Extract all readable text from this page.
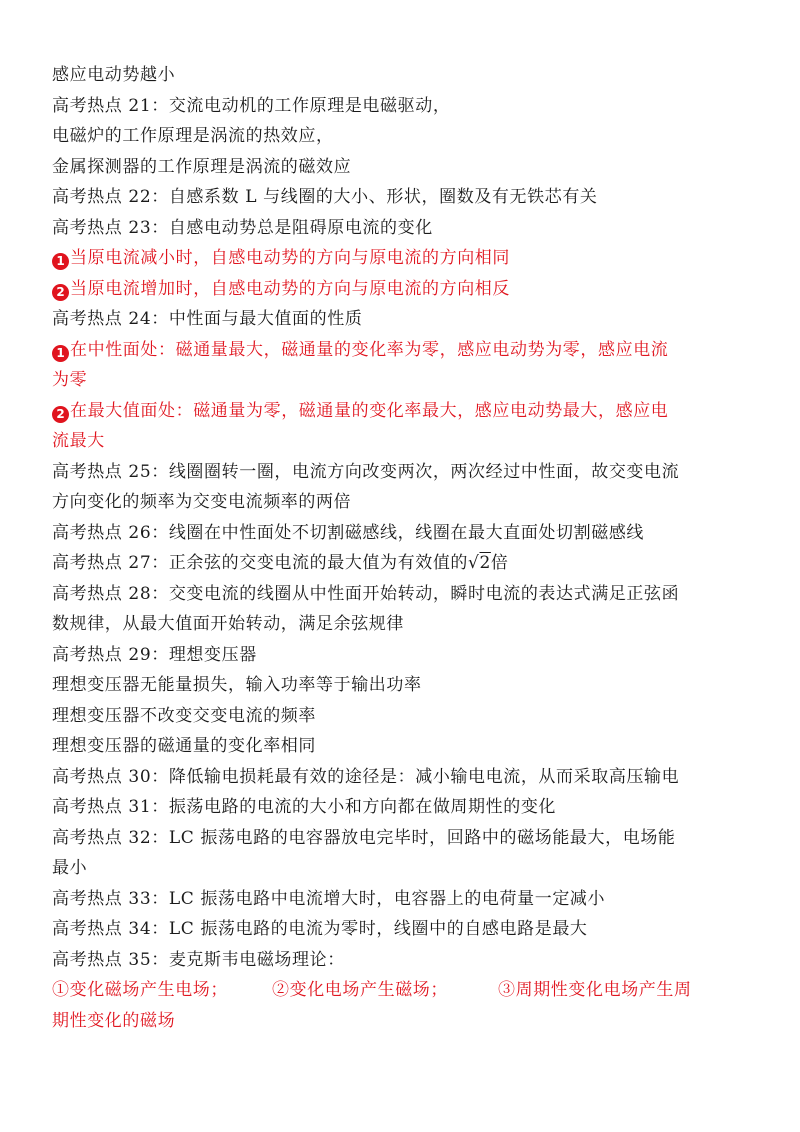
感应电动势越小
高考热点 21：交流电动机的工作原理是电磁驱动，
电磁炉的工作原理是涡流的热效应，
金属探测器的工作原理是涡流的磁效应
高考热点 22：自感系数 L 与线圈的大小、形状，圈数及有无铁芯有关
高考热点 23：自感电动势总是阻碍原电流的变化
1 当原电流减小时，自感电动势的方向与原电流的方向相同
2 当原电流增加时，自感电动势的方向与原电流的方向相反
高考热点 24：中性面与最大值面的性质
1 在中性面处：磁通量最大，磁通量的变化率为零，感应电动势为零，感应电流
为零
2 在最大值面处：磁通量为零，磁通量的变化率最大，感应电动势最大，感应电
流最大
高考热点 25：线圈圈转一圈，电流方向改变两次，两次经过中性面，故交变电流
方向变化的频率为交变电流频率的两倍
高考热点 26：线圈在中性面处不切割磁感线，线圈在最大直面处切割磁感线
高考热点 27：正余弦的交变电流的最大值为有效值的√2倍
高考热点 28：交变电流的线圈从中性面开始转动，瞬时电流的表达式满足正弦函
数规律，从最大值面开始转动，满足余弦规律
高考热点 29：理想变压器
理想变压器无能量损失，输入功率等于输出功率
理想变压器不改变交变电流的频率
理想变压器的磁通量的变化率相同
高考热点 30：降低输电损耗最有效的途径是：减小输电电流，从而采取高压输电
高考热点 31：振荡电路的电流的大小和方向都在做周期性的变化
高考热点 32：LC 振荡电路的电容器放电完毕时，回路中的磁场能最大，电场能
最小
高考热点 33：LC 振荡电路中电流增大时，电容器上的电荷量一定减小
高考热点 34：LC 振荡电路的电流为零时，线圈中的自感电路是最大
高考热点 35：麦克斯韦电磁场理论：
①变化磁场产生电场；	②变化电场产生磁场；	③周期性变化电场产生周
期性变化的磁场
